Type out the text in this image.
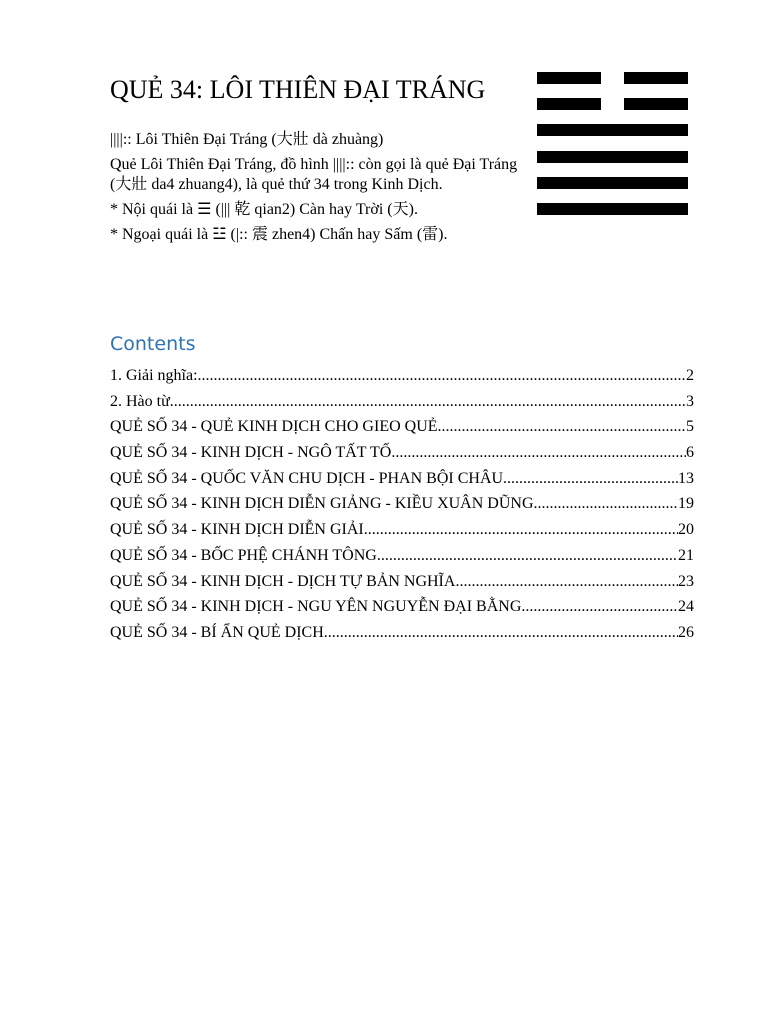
QUẺ 34: LÔI THIÊN ĐẠI TRÁNG

||||:: Lôi Thiên Đại Tráng (大壯 dà zhuàng)

Quẻ Lôi Thiên Đại Tráng, đồ hình ||||:: còn gọi là quẻ Đại Tráng (大壯 da4 zhuang4), là quẻ thứ 34 trong Kinh Dịch.

* Nội quái là ☰ (||| 乾 qian2) Càn hay Trời (天).

* Ngoại quái là ☳ (|:: 震 zhen4) Chấn hay Sấm (雷).

Contents
1. Giải nghĩa: .....	2
2. Hào từ .....	3
QUẺ SỐ 34 - QUẺ KINH DỊCH CHO GIEO QUẺ .....	5
QUẺ SỐ 34 - KINH DỊCH - NGÔ TẤT TỐ .....	6
QUẺ SỐ 34 - QUỐC VĂN CHU DỊCH - PHAN BỘI CHÂU .....	13
QUẺ SỐ 34 - KINH DỊCH DIỄN GIẢNG - KIỀU XUÂN DŨNG .....	19
QUẺ SỐ 34 - KINH DỊCH DIỄN GIẢI .....	20
QUẺ SỐ 34 - BỐC PHỆ CHÁNH TÔNG .....	21
QUẺ SỐ 34 - KINH DỊCH - DỊCH TỰ BẢN NGHĨA .....	23
QUẺ SỐ 34 - KINH DỊCH - NGU YÊN NGUYỄN ĐẠI BẰNG .....	24
QUẺ SỐ 34 - BÍ ẨN QUẺ DỊCH .....	26
